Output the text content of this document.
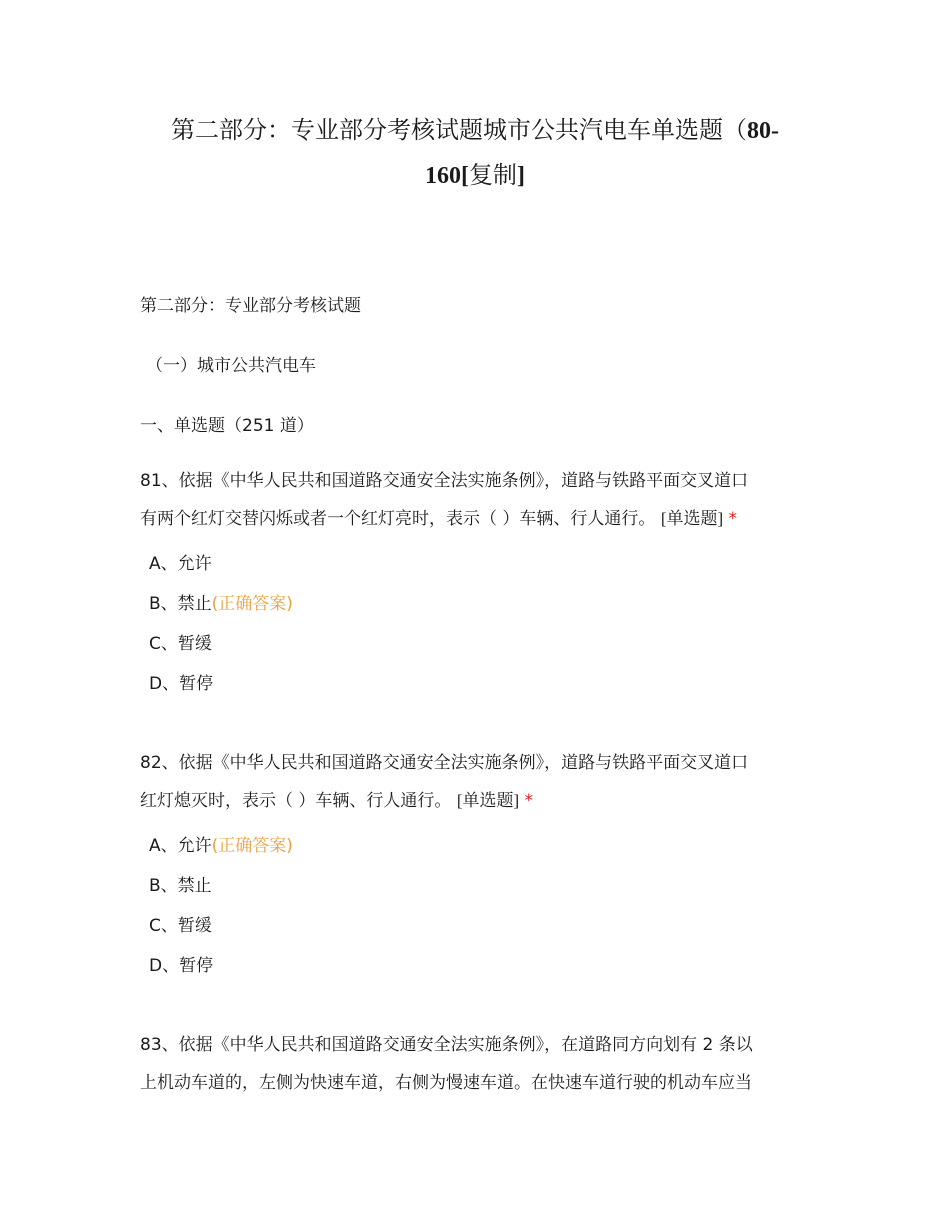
第二部分：专业部分考核试题城市公共汽电车单选题（80-
160[复制]
第二部分：专业部分考核试题
（一）城市公共汽电车
一、单选题（251 道）
81、依据《中华人民共和国道路交通安全法实施条例》，道路与铁路平面交叉道口
有两个红灯交替闪烁或者一个红灯亮时，表示（ ）车辆、行人通行。 [单选题] *
A、允许
B、禁止(正确答案)
C、暂缓
D、暂停
82、依据《中华人民共和国道路交通安全法实施条例》，道路与铁路平面交叉道口
红灯熄灭时，表示（ ）车辆、行人通行。 [单选题] *
A、允许(正确答案)
B、禁止
C、暂缓
D、暂停
83、依据《中华人民共和国道路交通安全法实施条例》，在道路同方向划有 2 条以
上机动车道的，左侧为快速车道，右侧为慢速车道。在快速车道行驶的机动车应当
